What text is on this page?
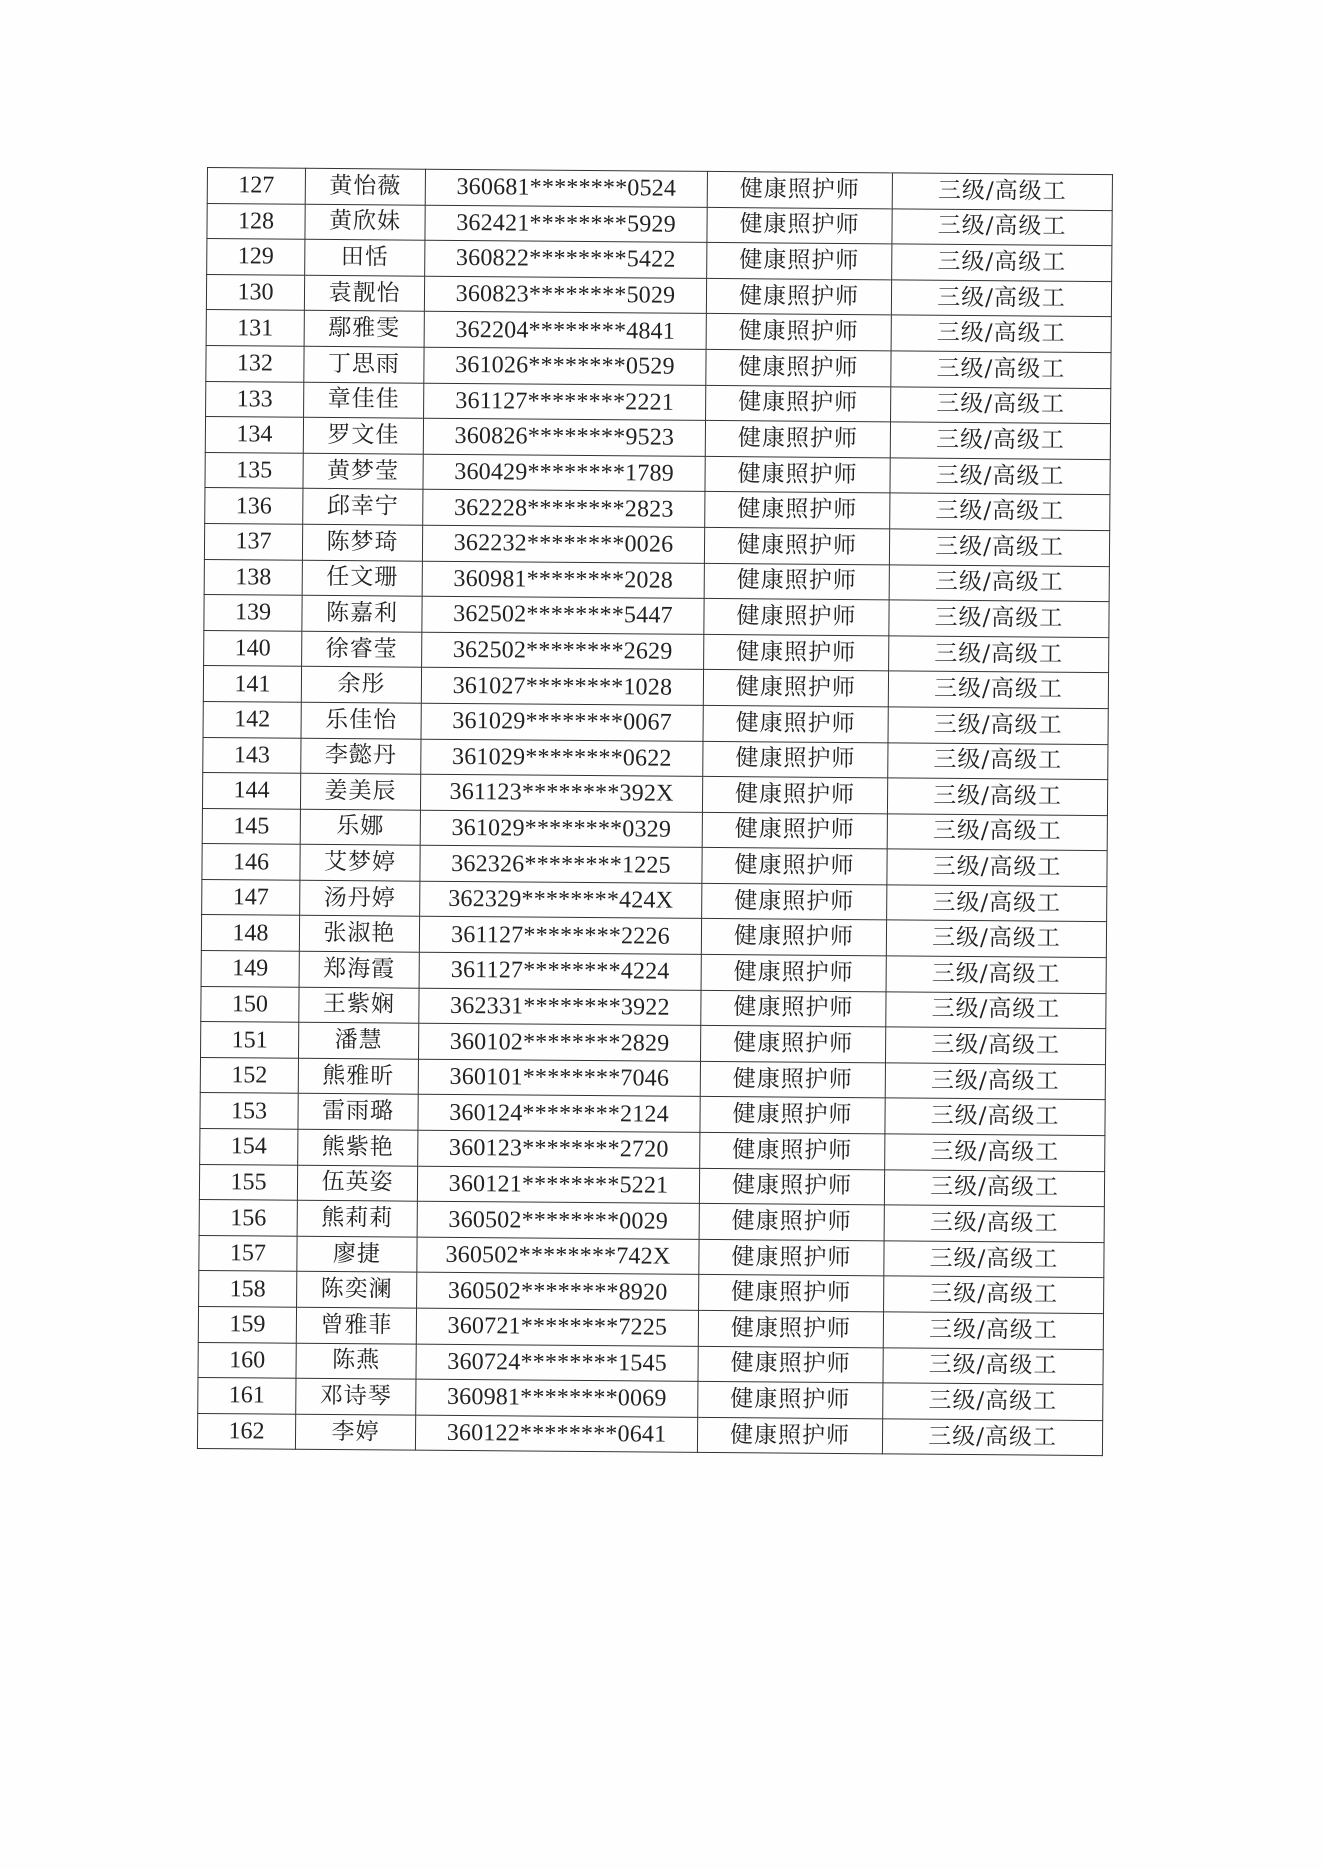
127	黄怡薇	360681********0524	健康照护师	三级/高级工
128	黄欣妹	362421********5929	健康照护师	三级/高级工
129	田恬	360822********5422	健康照护师	三级/高级工
130	袁靓怡	360823********5029	健康照护师	三级/高级工
131	鄢雅雯	362204********4841	健康照护师	三级/高级工
132	丁思雨	361026********0529	健康照护师	三级/高级工
133	章佳佳	361127********2221	健康照护师	三级/高级工
134	罗文佳	360826********9523	健康照护师	三级/高级工
135	黄梦莹	360429********1789	健康照护师	三级/高级工
136	邱幸宁	362228********2823	健康照护师	三级/高级工
137	陈梦琦	362232********0026	健康照护师	三级/高级工
138	任文珊	360981********2028	健康照护师	三级/高级工
139	陈嘉利	362502********5447	健康照护师	三级/高级工
140	徐睿莹	362502********2629	健康照护师	三级/高级工
141	余彤	361027********1028	健康照护师	三级/高级工
142	乐佳怡	361029********0067	健康照护师	三级/高级工
143	李懿丹	361029********0622	健康照护师	三级/高级工
144	姜美辰	361123********392X	健康照护师	三级/高级工
145	乐娜	361029********0329	健康照护师	三级/高级工
146	艾梦婷	362326********1225	健康照护师	三级/高级工
147	汤丹婷	362329********424X	健康照护师	三级/高级工
148	张淑艳	361127********2226	健康照护师	三级/高级工
149	郑海霞	361127********4224	健康照护师	三级/高级工
150	王紫娴	362331********3922	健康照护师	三级/高级工
151	潘慧	360102********2829	健康照护师	三级/高级工
152	熊雅昕	360101********7046	健康照护师	三级/高级工
153	雷雨璐	360124********2124	健康照护师	三级/高级工
154	熊紫艳	360123********2720	健康照护师	三级/高级工
155	伍英姿	360121********5221	健康照护师	三级/高级工
156	熊莉莉	360502********0029	健康照护师	三级/高级工
157	廖捷	360502********742X	健康照护师	三级/高级工
158	陈奕澜	360502********8920	健康照护师	三级/高级工
159	曾雅菲	360721********7225	健康照护师	三级/高级工
160	陈燕	360724********1545	健康照护师	三级/高级工
161	邓诗琴	360981********0069	健康照护师	三级/高级工
162	李婷	360122********0641	健康照护师	三级/高级工
